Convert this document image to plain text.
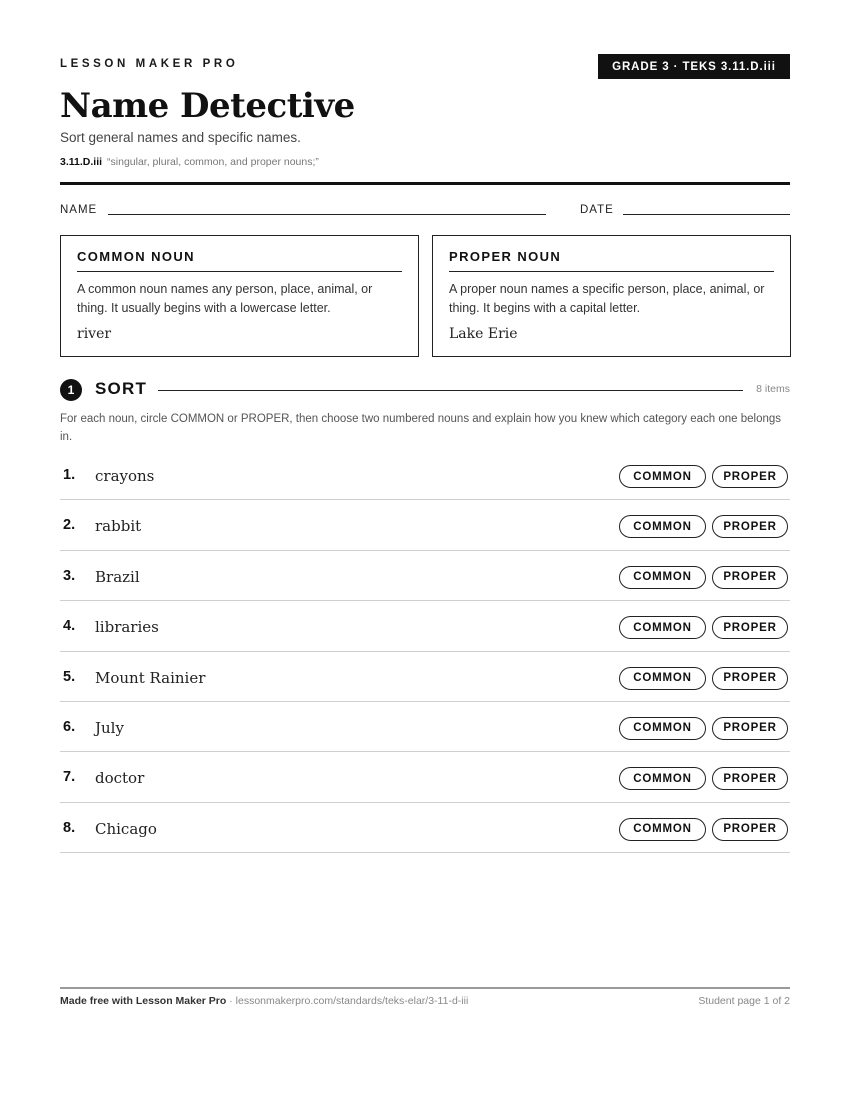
LESSON MAKER PRO	GRADE 3 · TEKS 3.11.D.iii
Name Detective
Sort general names and specific names.
3.11.D.iii “singular, plural, common, and proper nouns;”
NAME	DATE
COMMON NOUN
A common noun names any person, place, animal, or thing. It usually begins with a lowercase letter.
river
PROPER NOUN
A proper noun names a specific person, place, animal, or thing. It begins with a capital letter.
Lake Erie
1	SORT	8 items
For each noun, circle COMMON or PROPER, then choose two numbered nouns and explain how you knew which category each one belongs in.
1. crayons	COMMON	PROPER
2. rabbit	COMMON	PROPER
3. Brazil	COMMON	PROPER
4. libraries	COMMON	PROPER
5. Mount Rainier	COMMON	PROPER
6. July	COMMON	PROPER
7. doctor	COMMON	PROPER
8. Chicago	COMMON	PROPER
Made free with Lesson Maker Pro · lessonmakerpro.com/standards/teks-elar/3-11-d-iii	Student page 1 of 2
